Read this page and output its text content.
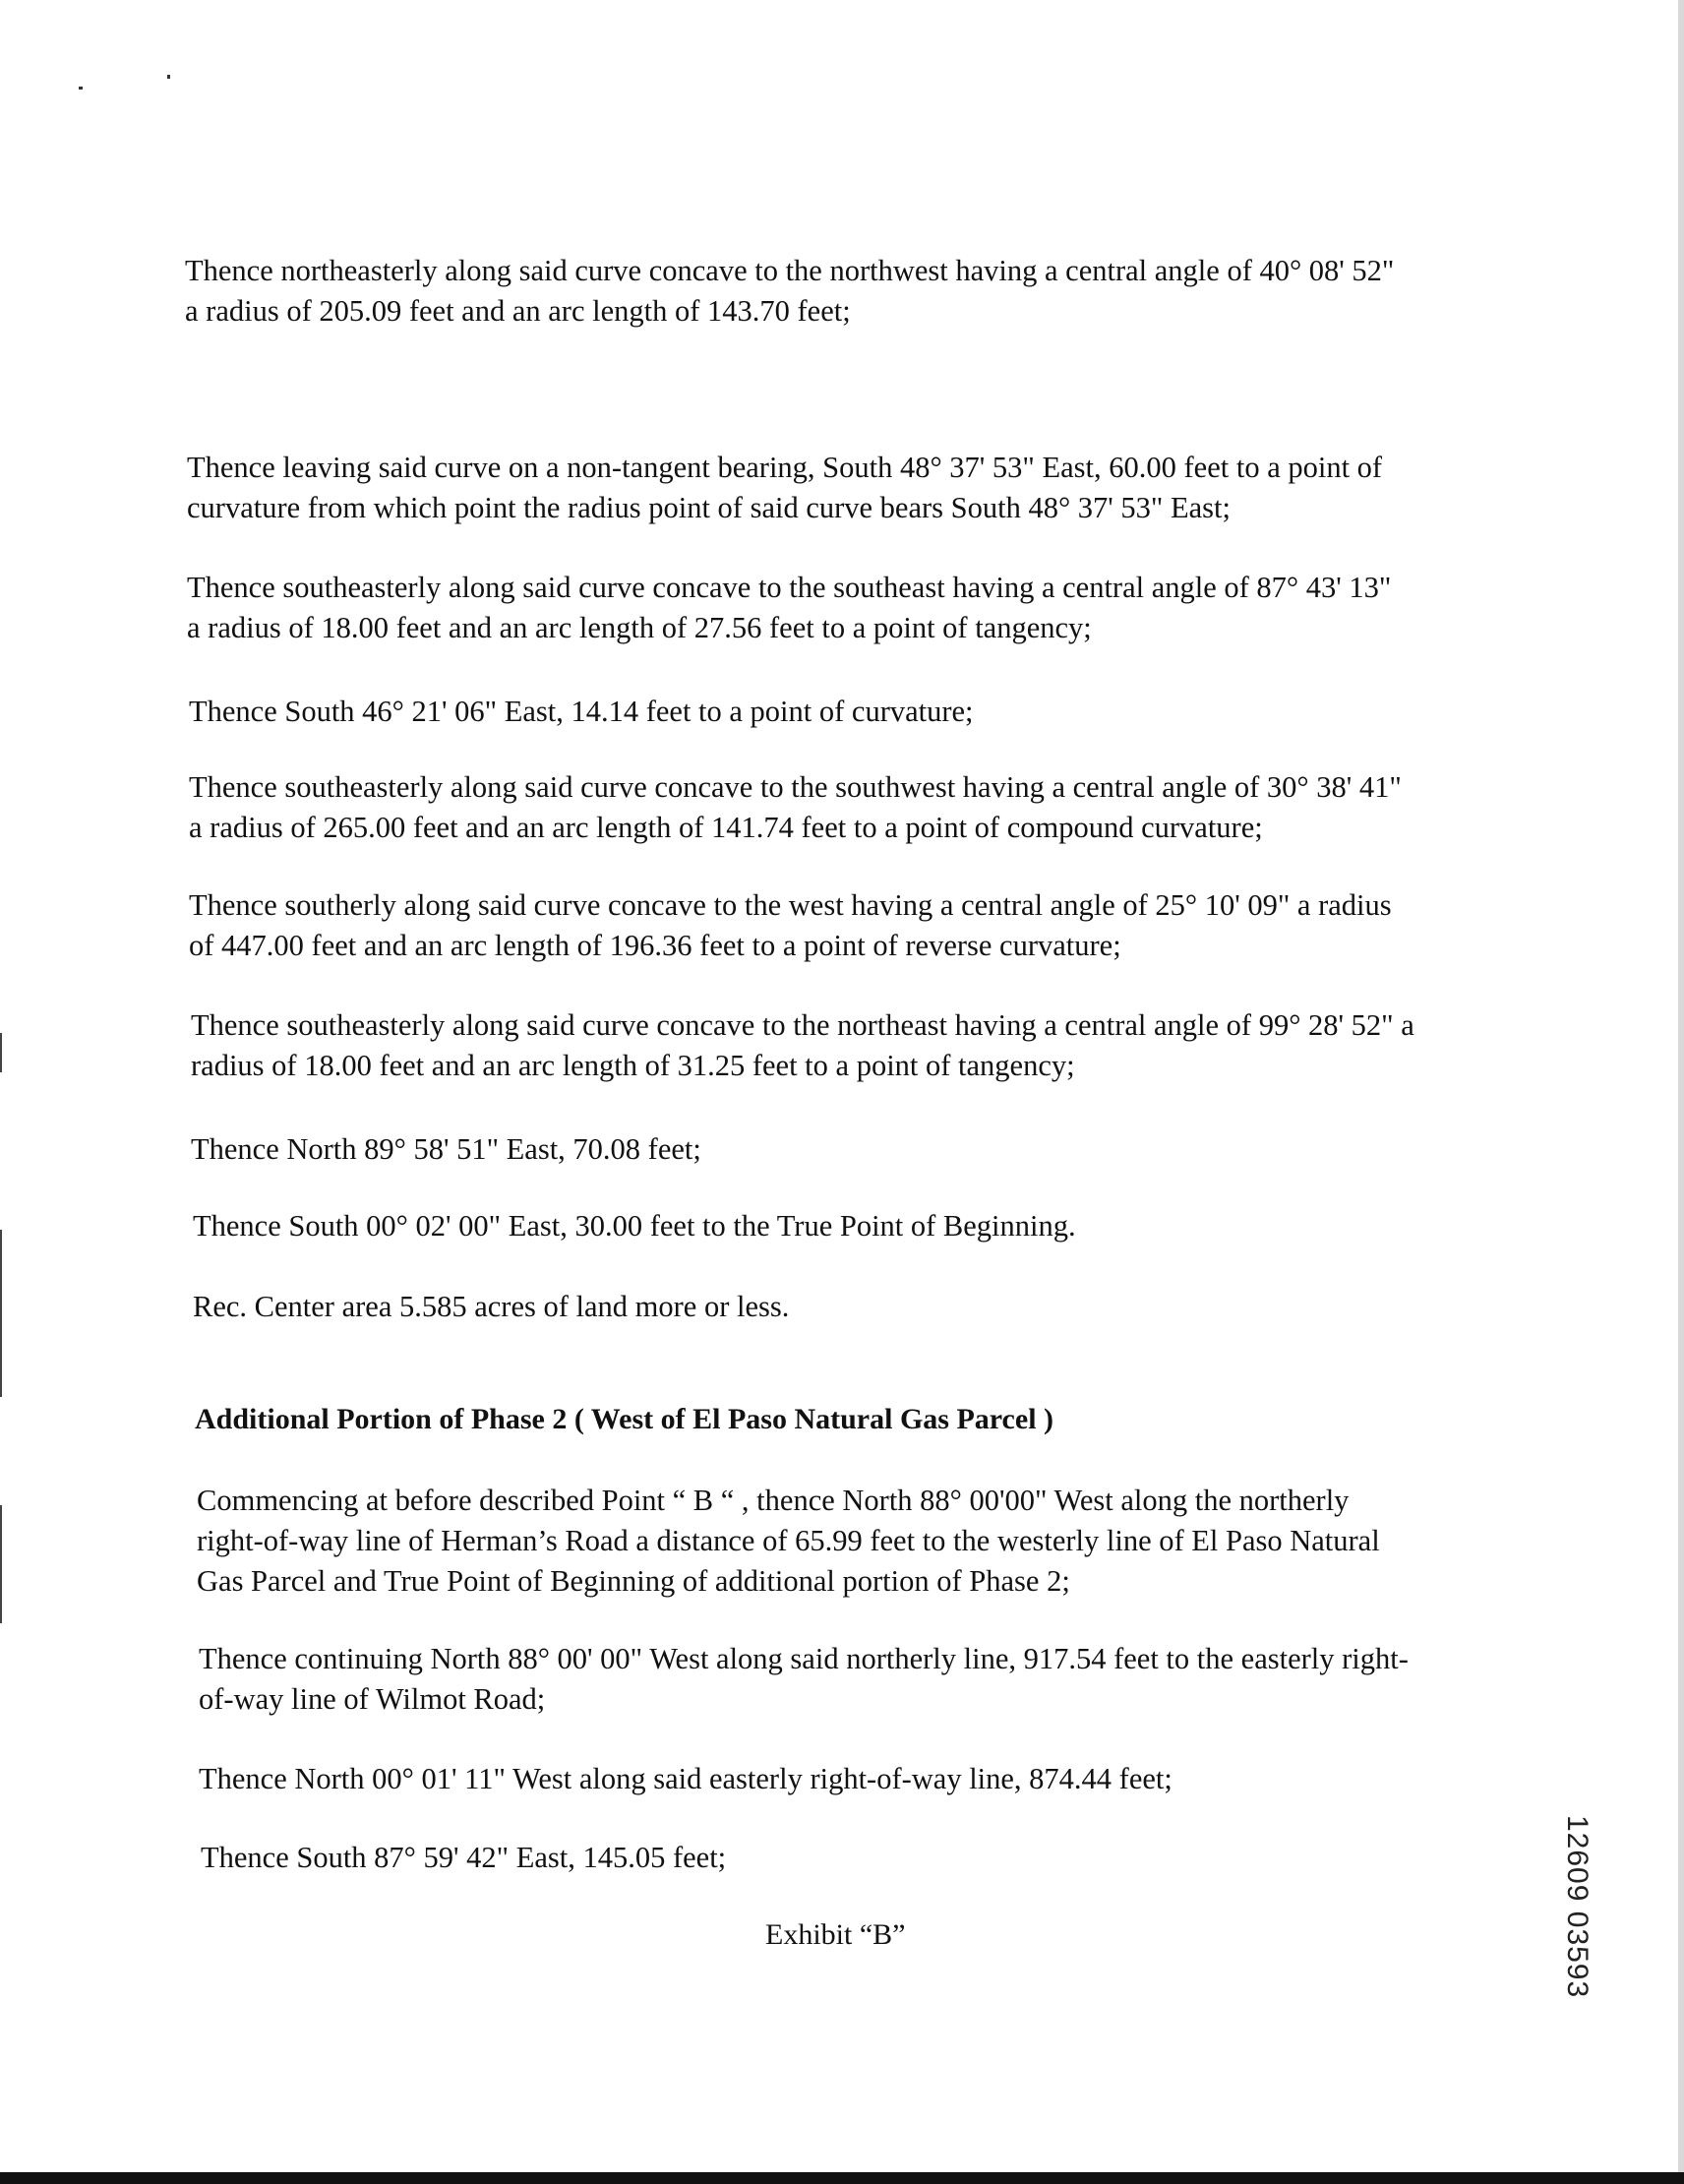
Thence northeasterly along said curve concave to the northwest having a central angle of 40° 08' 52"
a radius of 205.09 feet and an arc length of 143.70 feet;
Thence leaving said curve on a non-tangent bearing, South 48° 37' 53" East, 60.00 feet to a point of
curvature from which point the radius point of said curve bears South 48° 37' 53" East;
Thence southeasterly along said curve concave to the southeast having a central angle of 87° 43' 13"
a radius of 18.00 feet and an arc length of 27.56 feet to a point of tangency;
Thence South 46° 21' 06" East, 14.14 feet to a point of curvature;
Thence southeasterly along said curve concave to the southwest having a central angle of 30° 38' 41"
a radius of 265.00 feet and an arc length of 141.74 feet to a point of compound curvature;
Thence southerly along said curve concave to the west having a central angle of 25° 10' 09" a radius
of 447.00 feet and an arc length of 196.36 feet to a point of reverse curvature;
Thence southeasterly along said curve concave to the northeast having a central angle of 99° 28' 52" a
radius of 18.00 feet and an arc length of 31.25 feet to a point of tangency;
Thence North 89° 58' 51" East, 70.08 feet;
Thence South 00° 02' 00" East, 30.00 feet to the True Point of Beginning.
Rec. Center area 5.585 acres of land more or less.
Additional Portion of Phase 2 ( West of El Paso Natural Gas Parcel )
Commencing at before described Point “ B “ , thence North 88° 00'00" West along the northerly
right-of-way line of Herman’s Road a distance of 65.99 feet to the westerly line of El Paso Natural
Gas Parcel and True Point of Beginning of additional portion of Phase 2;
Thence continuing North 88° 00' 00" West along said northerly line, 917.54 feet to the easterly right-
of-way line of Wilmot Road;
Thence North 00° 01' 11" West along said easterly right-of-way line, 874.44 feet;
Thence South 87° 59' 42" East, 145.05 feet;
Exhibit “B”	12609 03593
